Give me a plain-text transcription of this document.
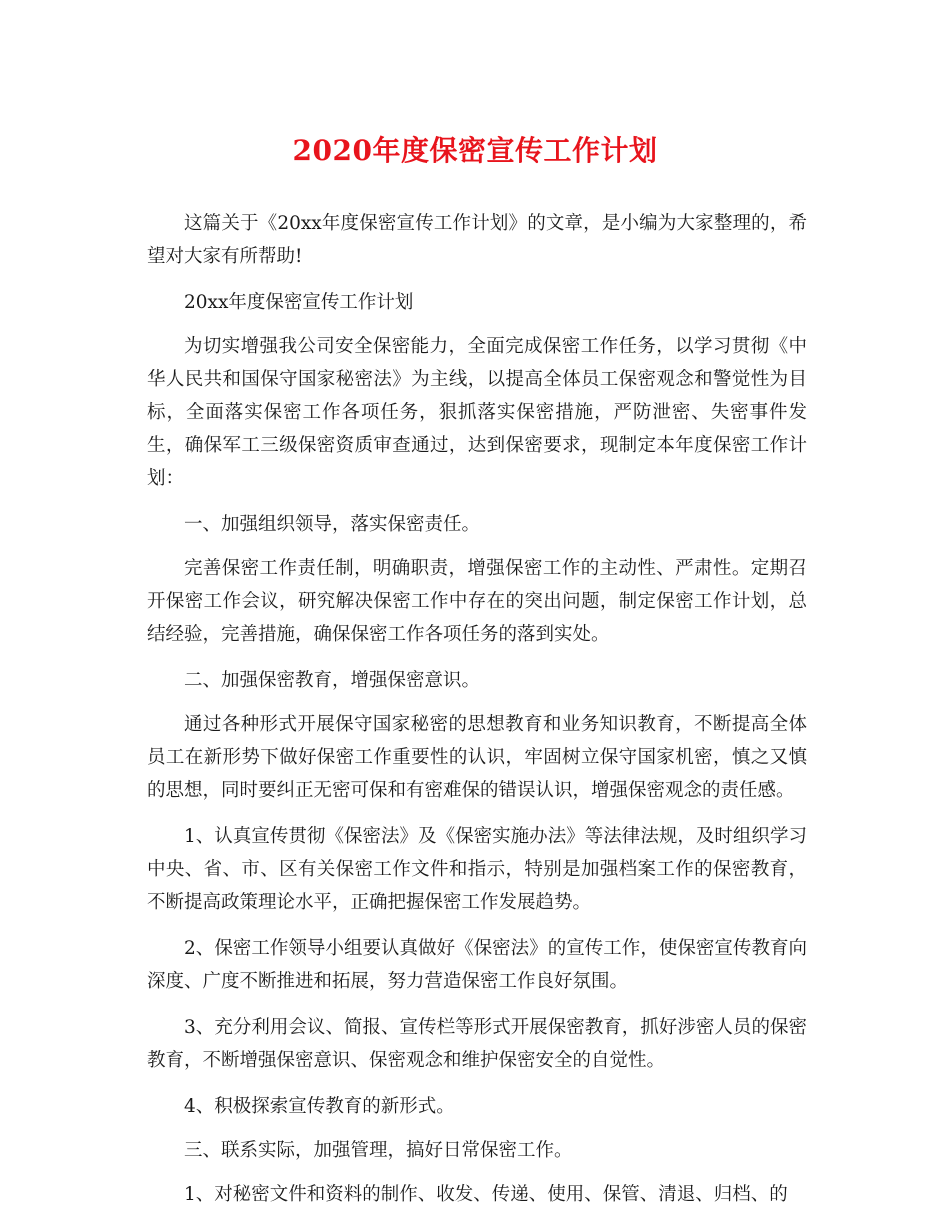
2020年度保密宣传工作计划

这篇关于《20xx年度保密宣传工作计划》的文章，是小编为大家整理的，希望对大家有所帮助!

20xx年度保密宣传工作计划

为切实增强我公司安全保密能力，全面完成保密工作任务，以学习贯彻《中华人民共和国保守国家秘密法》为主线，以提高全体员工保密观念和警觉性为目标，全面落实保密工作各项任务，狠抓落实保密措施，严防泄密、失密事件发生，确保军工三级保密资质审查通过，达到保密要求，现制定本年度保密工作计划：

一、加强组织领导，落实保密责任。

完善保密工作责任制，明确职责，增强保密工作的主动性、严肃性。定期召开保密工作会议，研究解决保密工作中存在的突出问题，制定保密工作计划，总结经验，完善措施，确保保密工作各项任务的落到实处。

二、加强保密教育，增强保密意识。

通过各种形式开展保守国家秘密的思想教育和业务知识教育，不断提高全体员工在新形势下做好保密工作重要性的认识，牢固树立保守国家机密，慎之又慎的思想，同时要纠正无密可保和有密难保的错误认识，增强保密观念的责任感。

1、认真宣传贯彻《保密法》及《保密实施办法》等法律法规，及时组织学习中央、省、市、区有关保密工作文件和指示，特别是加强档案工作的保密教育，不断提高政策理论水平，正确把握保密工作发展趋势。

2、保密工作领导小组要认真做好《保密法》的宣传工作，使保密宣传教育向深度、广度不断推进和拓展，努力营造保密工作良好氛围。

3、充分利用会议、简报、宣传栏等形式开展保密教育，抓好涉密人员的保密教育，不断增强保密意识、保密观念和维护保密安全的自觉性。

4、积极探索宣传教育的新形式。

三、联系实际，加强管理，搞好日常保密工作。

1、对秘密文件和资料的制作、收发、传递、使用、保管、清退、归档、的
